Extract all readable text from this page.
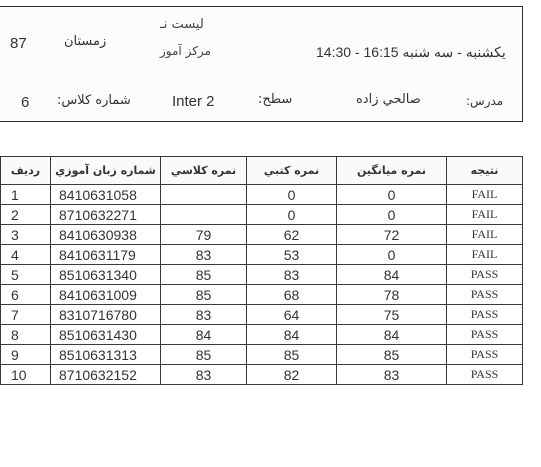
87	زمستان
ليست نـ
مركز آموز	يكشنبه - سه شنبه 16:15 - 14:30
6 شماره كلاس:	Inter 2	سطح:	صالحي زاده	مدرس:
رديف	شماره زبان آموزي	نمره كلاسي	نمره كتبي	نمره ميانگين	نتيجه
1	8410631058		0	0	FAIL
2	8710632271		0	0	FAIL
3	8410630938	79	62	72	FAIL
4	8410631179	83	53	0	FAIL
5	8510631340	85	83	84	PASS
6	8410631009	85	68	78	PASS
7	8310716780	83	64	75	PASS
8	8510631430	84	84	84	PASS
9	8510631313	85	85	85	PASS
10	8710632152	83	82	83	PASS
